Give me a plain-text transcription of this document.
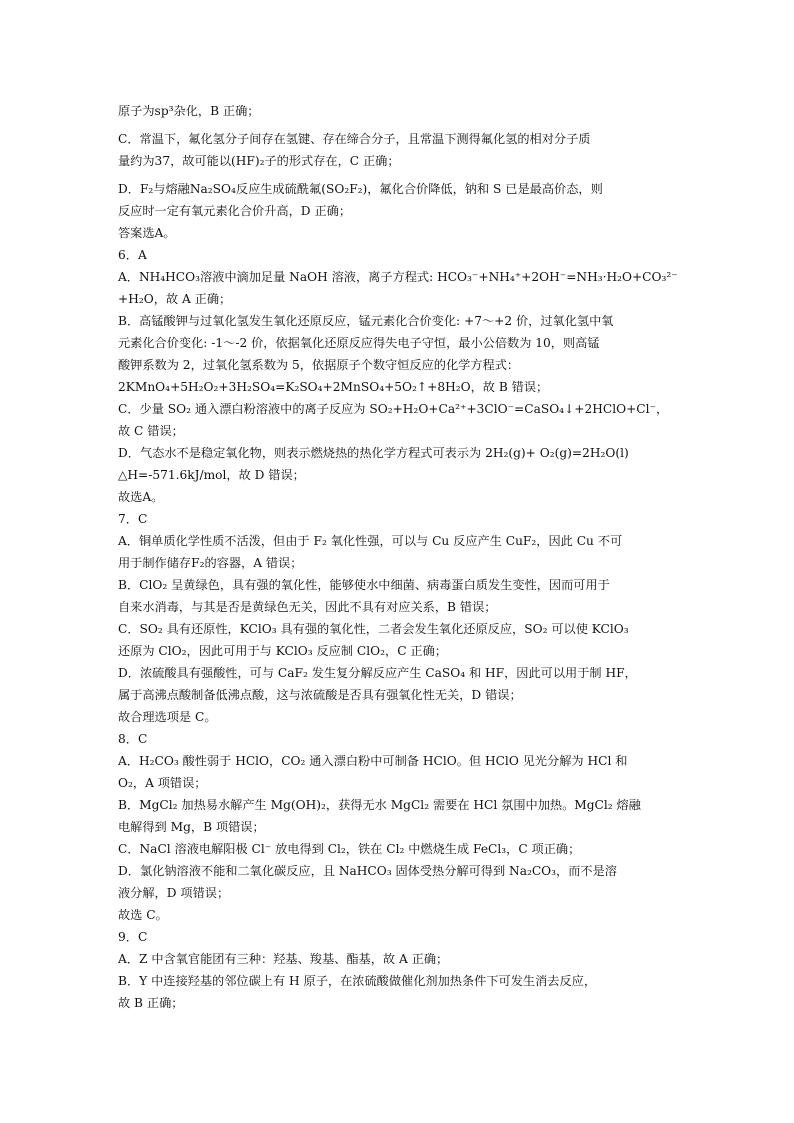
原子为sp³杂化，B 正确；
C．常温下，氟化氢分子间存在氢键、存在缔合分子，且常温下测得氟化氢的相对分子质
量约为37，故可能以(HF)₂子的形式存在，C 正确；
D．F₂与熔融Na₂SO₄反应生成硫酰氟(SO₂F₂)，氟化合价降低，钠和 S 已是最高价态，则
反应时一定有氧元素化合价升高，D 正确；
答案选A。
6．A
A．NH₄HCO₃溶液中滴加足量 NaOH 溶液，离子方程式: HCO₃⁻+NH₄⁺+2OH⁻=NH₃·H₂O+CO₃²⁻
+H₂O，故 A 正确；
B．高锰酸钾与过氧化氢发生氧化还原反应，锰元素化合价变化: +7～+2 价，过氧化氢中氧
元素化合价变化: -1～-2 价，依据氧化还原反应得失电子守恒，最小公倍数为 10，则高锰
酸钾系数为 2，过氧化氢系数为 5，依据原子个数守恒反应的化学方程式：
2KMnO₄+5H₂O₂+3H₂SO₄=K₂SO₄+2MnSO₄+5O₂↑+8H₂O，故 B 错误；
C．少量 SO₂ 通入漂白粉溶液中的离子反应为 SO₂+H₂O+Ca²⁺+3ClO⁻=CaSO₄↓+2HClO+Cl⁻，
故 C 错误；
D．气态水不是稳定氧化物，则表示燃烧热的热化学方程式可表示为 2H₂(g)+ O₂(g)=2H₂O(l)
△H=-571.6kJ/mol，故 D 错误；
故选A。
7．C
A．铜单质化学性质不活泼，但由于 F₂ 氧化性强，可以与 Cu 反应产生 CuF₂，因此 Cu 不可
用于制作储存F₂的容器，A 错误；
B．ClO₂ 呈黄绿色，具有强的氧化性，能够使水中细菌、病毒蛋白质发生变性，因而可用于
自来水消毒，与其是否是黄绿色无关，因此不具有对应关系，B 错误；
C．SO₂ 具有还原性，KClO₃ 具有强的氧化性，二者会发生氧化还原反应，SO₂ 可以使 KClO₃
还原为 ClO₂，因此可用于与 KClO₃ 反应制 ClO₂，C 正确；
D．浓硫酸具有强酸性，可与 CaF₂ 发生复分解反应产生 CaSO₄ 和 HF，因此可以用于制 HF，
属于高沸点酸制备低沸点酸，这与浓硫酸是否具有强氧化性无关，D 错误；
故合理选项是 C。
8．C
A．H₂CO₃ 酸性弱于 HClO，CO₂ 通入漂白粉中可制备 HClO。但 HClO 见光分解为 HCl 和
O₂，A 项错误；
B．MgCl₂ 加热易水解产生 Mg(OH)₂，获得无水 MgCl₂ 需要在 HCl 氛围中加热。MgCl₂ 熔融
电解得到 Mg，B 项错误；
C．NaCl 溶液电解阳极 Cl⁻ 放电得到 Cl₂，铁在 Cl₂ 中燃烧生成 FeCl₃，C 项正确；
D．氯化钠溶液不能和二氧化碳反应，且 NaHCO₃ 固体受热分解可得到 Na₂CO₃，而不是溶
液分解，D 项错误；
故选 C。
9．C
A．Z 中含氧官能团有三种：羟基、羧基、酯基，故 A 正确；
B．Y 中连接羟基的邻位碳上有 H 原子，在浓硫酸做催化剂加热条件下可发生消去反应，
故 B 正确；
